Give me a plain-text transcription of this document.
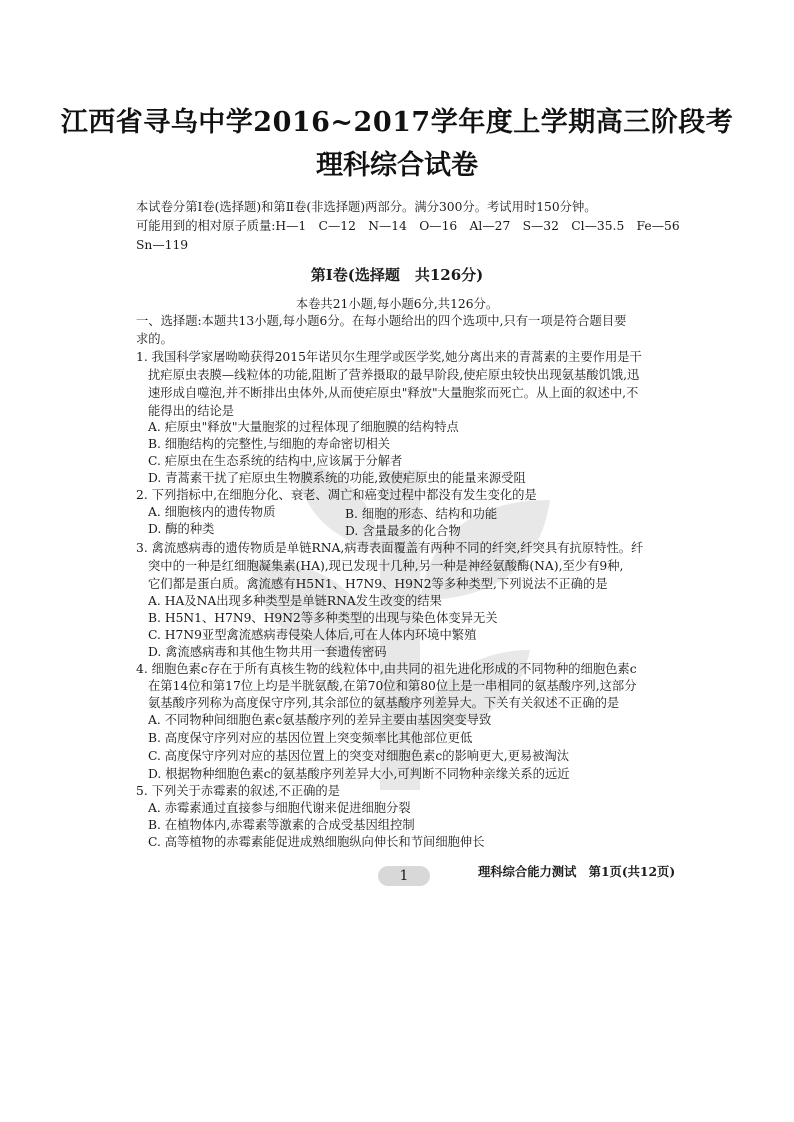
江西省寻乌中学2016~2017学年度上学期高三阶段考
理科综合试卷
本试卷分第Ⅰ卷(选择题)和第Ⅱ卷(非选择题)两部分。满分300分。考试用时150分钟。
可能用到的相对原子质量:H—1　C—12　N—14　O—16　Al—27　S—32　Cl—35.5　Fe—56
Sn—119
第Ⅰ卷(选择题　共126分)
本卷共21小题,每小题6分,共126分。
一、选择题:本题共13小题,每小题6分。在每小题给出的四个选项中,只有一项是符合题目要
求的。
1. 我国科学家屠呦呦获得2015年诺贝尔生理学或医学奖,她分离出来的青蒿素的主要作用是干
扰疟原虫表膜—线粒体的功能,阻断了营养摄取的最早阶段,使疟原虫较快出现氨基酸饥饿,迅
速形成自噬泡,并不断排出虫体外,从而使疟原虫"释放"大量胞浆而死亡。从上面的叙述中,不
能得出的结论是
A. 疟原虫"释放"大量胞浆的过程体现了细胞膜的结构特点
B. 细胞结构的完整性,与细胞的寿命密切相关
C. 疟原虫在生态系统的结构中,应该属于分解者
D. 青蒿素干扰了疟原虫生物膜系统的功能,致使疟原虫的能量来源受阻
2. 下列指标中,在细胞分化、衰老、凋亡和癌变过程中都没有发生变化的是
A. 细胞核内的遗传物质	B. 细胞的形态、结构和功能
D. 酶的种类	D. 含量最多的化合物
3. 禽流感病毒的遗传物质是单链RNA,病毒表面覆盖有两种不同的纤突,纤突具有抗原特性。纤
突中的一种是红细胞凝集素(HA),现已发现十几种,另一种是神经氨酸酶(NA),至少有9种,
它们都是蛋白质。禽流感有H5N1、H7N9、H9N2等多种类型,下列说法不正确的是
A. HA及NA出现多种类型是单链RNA发生改变的结果
B. H5N1、H7N9、H9N2等多种类型的出现与染色体变异无关
C. H7N9亚型禽流感病毒侵染人体后,可在人体内环境中繁殖
D. 禽流感病毒和其他生物共用一套遗传密码
4. 细胞色素c存在于所有真核生物的线粒体中,由共同的祖先进化形成的不同物种的细胞色素c
在第14位和第17位上均是半胱氨酸,在第70位和第80位上是一串相同的氨基酸序列,这部分
氨基酸序列称为高度保守序列,其余部位的氨基酸序列差异大。下关有关叙述不正确的是
A. 不同物种间细胞色素c氨基酸序列的差异主要由基因突变导致
B. 高度保守序列对应的基因位置上突变频率比其他部位更低
C. 高度保守序列对应的基因位置上的突变对细胞色素c的影响更大,更易被淘汰
D. 根据物种细胞色素c的氨基酸序列差异大小,可判断不同物种亲缘关系的远近
5. 下列关于赤霉素的叙述,不正确的是
A. 赤霉素通过直接参与细胞代谢来促进细胞分裂
B. 在植物体内,赤霉素等激素的合成受基因组控制
C. 高等植物的赤霉素能促进成熟细胞纵向伸长和节间细胞伸长
1	理科综合能力测试　第1页(共12页)
